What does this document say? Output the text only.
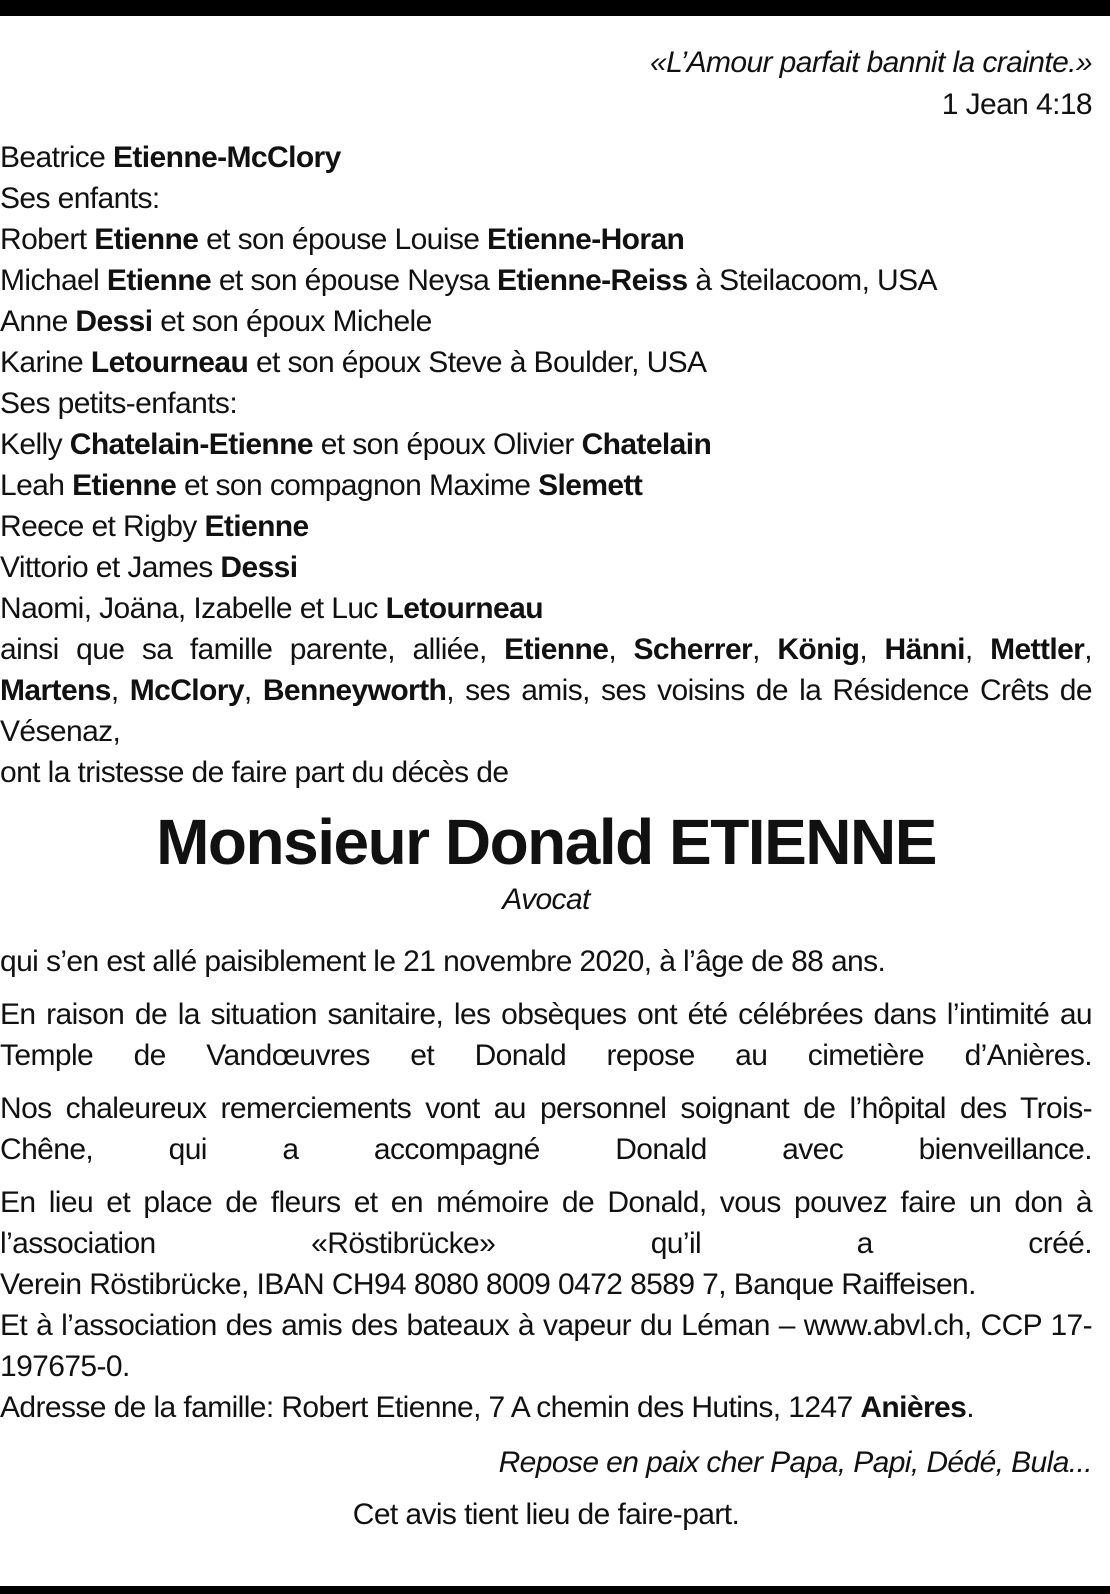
«L’Amour parfait bannit la crainte.»
1 Jean 4:18
Beatrice Etienne-McClory
Ses enfants:
Robert Etienne et son épouse Louise Etienne-Horan
Michael Etienne et son épouse Neysa Etienne-Reiss à Steilacoom, USA
Anne Dessi et son époux Michele
Karine Letourneau et son époux Steve à Boulder, USA
Ses petits-enfants:
Kelly Chatelain-Etienne et son époux Olivier Chatelain
Leah Etienne et son compagnon Maxime Slemett
Reece et Rigby Etienne
Vittorio et James Dessi
Naomi, Joäna, Izabelle et Luc Letourneau
ainsi que sa famille parente, alliée, Etienne, Scherrer, König, Hänni, Mettler, Martens, McClory, Benneyworth, ses amis, ses voisins de la Résidence Crêts de Vésenaz,
ont la tristesse de faire part du décès de
Monsieur Donald ETIENNE
Avocat
qui s’en est allé paisiblement le 21 novembre 2020, à l’âge de 88 ans.
En raison de la situation sanitaire, les obsèques ont été célébrées dans l’intimité au Temple de Vandœuvres et Donald repose au cimetière d’Anières.
Nos chaleureux remerciements vont au personnel soignant de l’hôpital des Trois-Chêne, qui a accompagné Donald avec bienveillance.
En lieu et place de fleurs et en mémoire de Donald, vous pouvez faire un don à l’association «Röstibrücke» qu’il a créé.
Verein Röstibrücke, IBAN CH94 8080 8009 0472 8589 7, Banque Raiffeisen.
Et à l’association des amis des bateaux à vapeur du Léman – www.abvl.ch, CCP 17-197675-0.
Adresse de la famille: Robert Etienne, 7 A chemin des Hutins, 1247 Anières.
Repose en paix cher Papa, Papi, Dédé, Bula...
Cet avis tient lieu de faire-part.
